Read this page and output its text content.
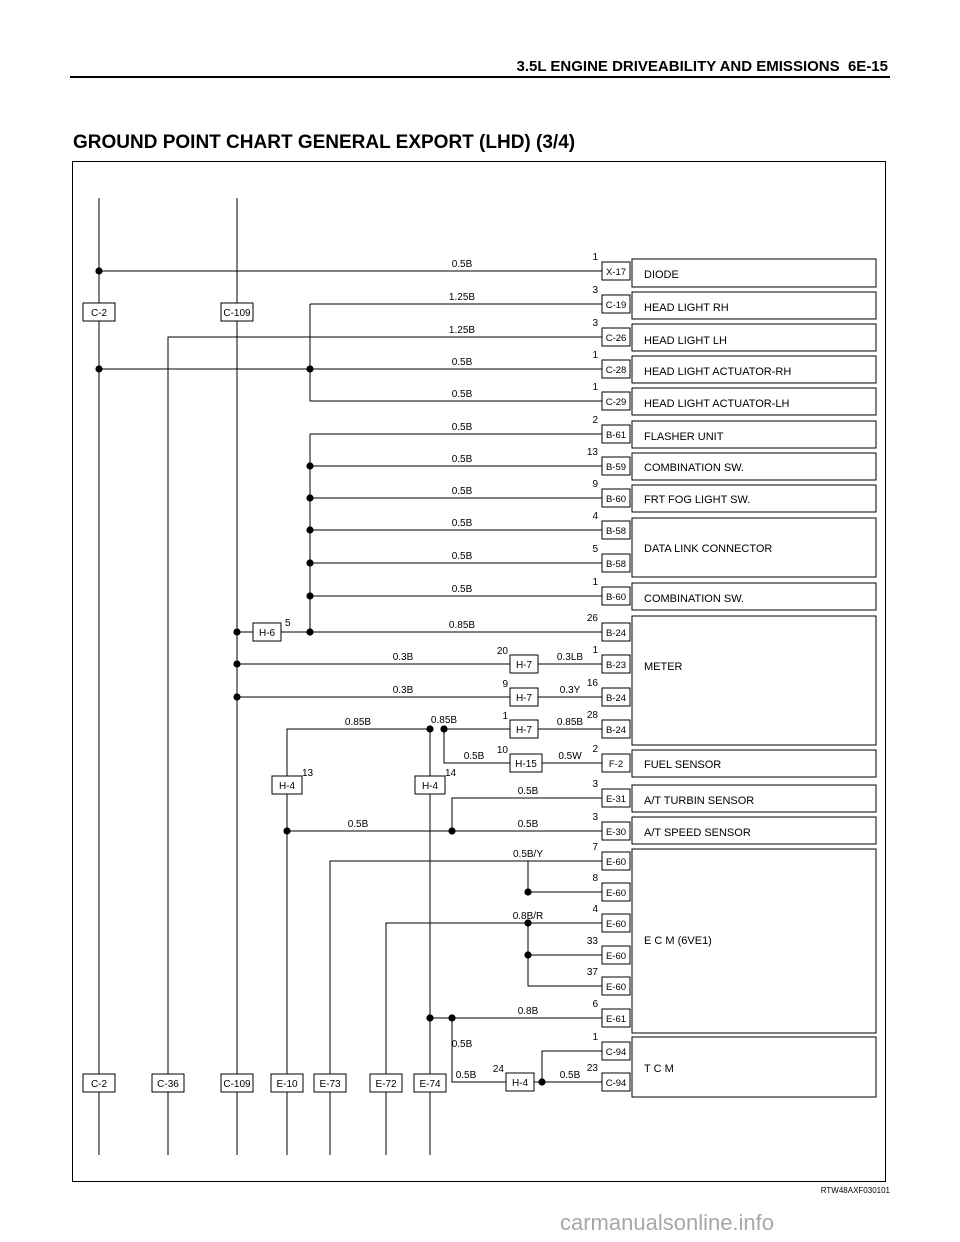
3.5L ENGINE DRIVEABILITY AND EMISSIONS 6E-15
GROUND POINT CHART GENERAL EXPORT (LHD) (3/4)
C-2	C-109
C-2	C-36	C-109	E-10 E-73	E-72 E-74
H-6
5
H-4
13
H-4
14
X-17
1
0.5B
C-19
3
1.25B
C-26
3
1.25B
C-28
1
0.5B
C-29
1
0.5B
B-61
2
0.5B
B-59
13
0.5B
B-60
9
0.5B
B-58
4
0.5B
B-58
5
0.5B
B-60
1
0.5B
B-24
26
0.85B
B-23
1
0.3LB
0.3B
H-7
20
B-24
16
0.3Y
0.3B
H-7
9
B-24
28
0.85B
0.85B	0.85B
H-7
1
F-2
2
0.5W
0.5B
H-15
10
E-31
3
0.5B
E-30
3
0.5B
0.5B
E-60
7
0.5B/Y
E-60
8
E-60
4
0.8B/R
E-60
33
E-60
37
E-61
6
0.8B
C-94
1
0.5B
C-94
23
0.5B
0.5B
H-4
24
DIODE
HEAD LIGHT RH
HEAD LIGHT LH
HEAD LIGHT ACTUATOR-RH
HEAD LIGHT ACTUATOR-LH
FLASHER UNIT
COMBINATION SW.
FRT FOG LIGHT SW.
DATA LINK CONNECTOR
COMBINATION SW.
METER
FUEL SENSOR
A/T TURBIN SENSOR
A/T SPEED SENSOR
E C M (6VE1)
T C M
RTW48AXF030101
carmanualsonline.info
